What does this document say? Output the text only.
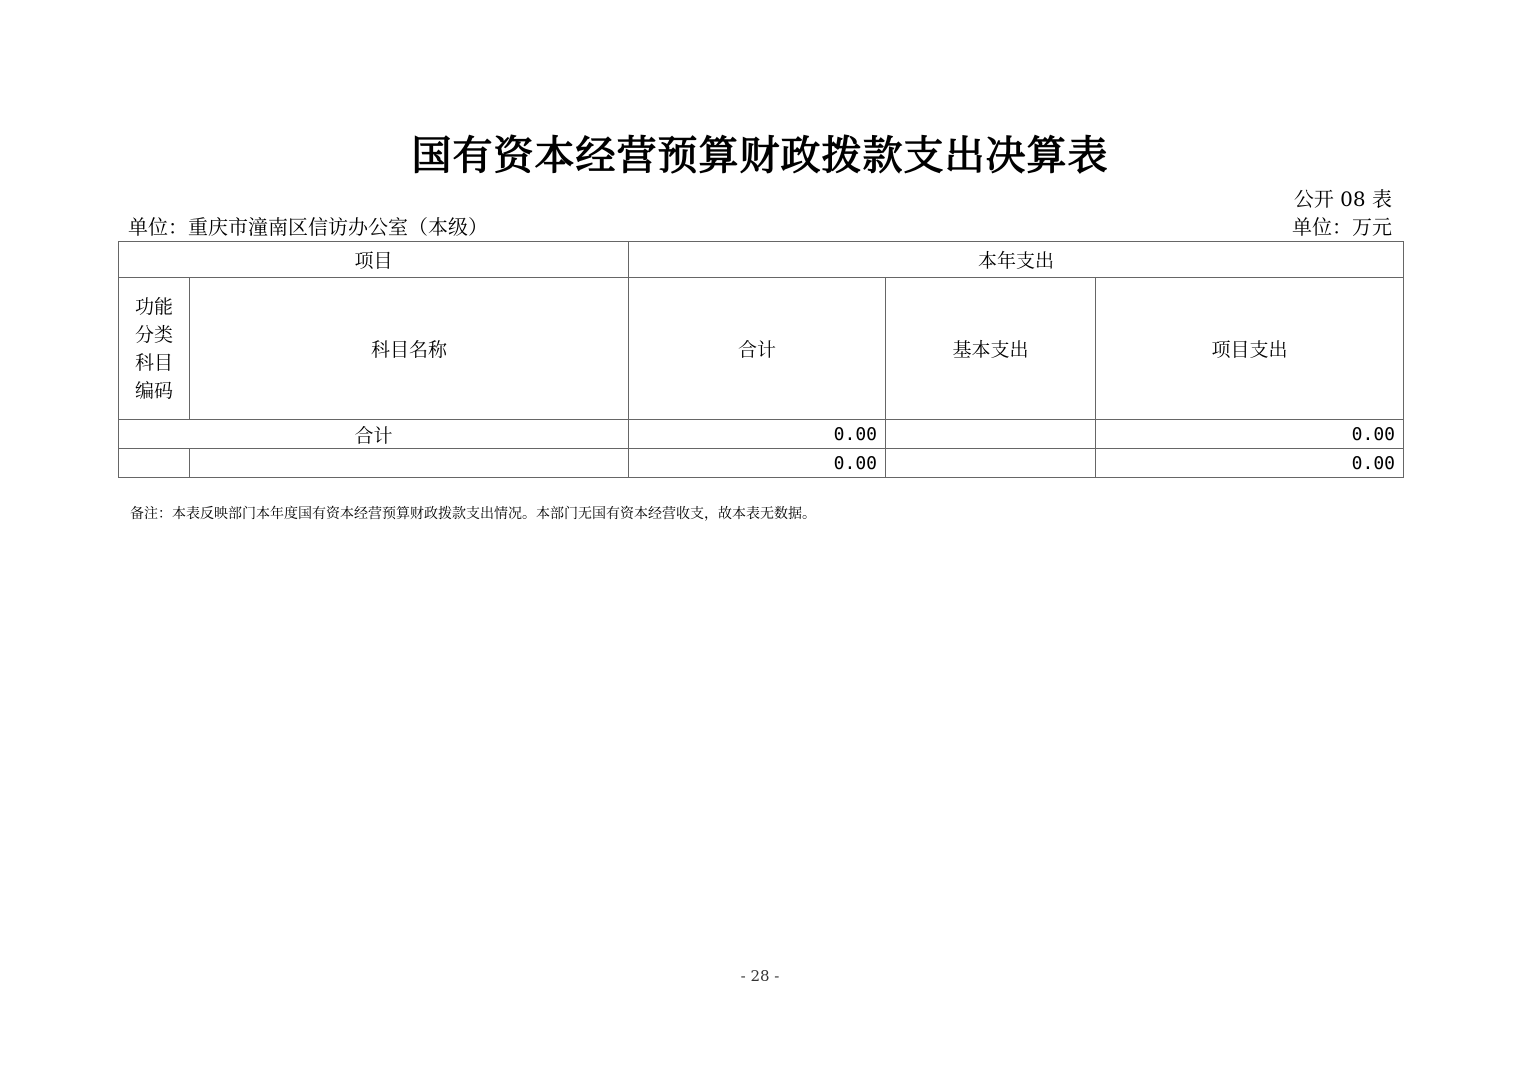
国有资本经营预算财政拨款支出决算表
公开 08 表
单位：重庆市潼南区信访办公室（本级）	单位：万元
项目		本年支出		

功能
分类
科目
编码	科目名称	合计	基本支出	项目支出
合计		0.00		0.00
		0.00		0.00
备注：本表反映部门本年度国有资本经营预算财政拨款支出情况。本部门无国有资本经营收支，故本表无数据。
- 28 -
